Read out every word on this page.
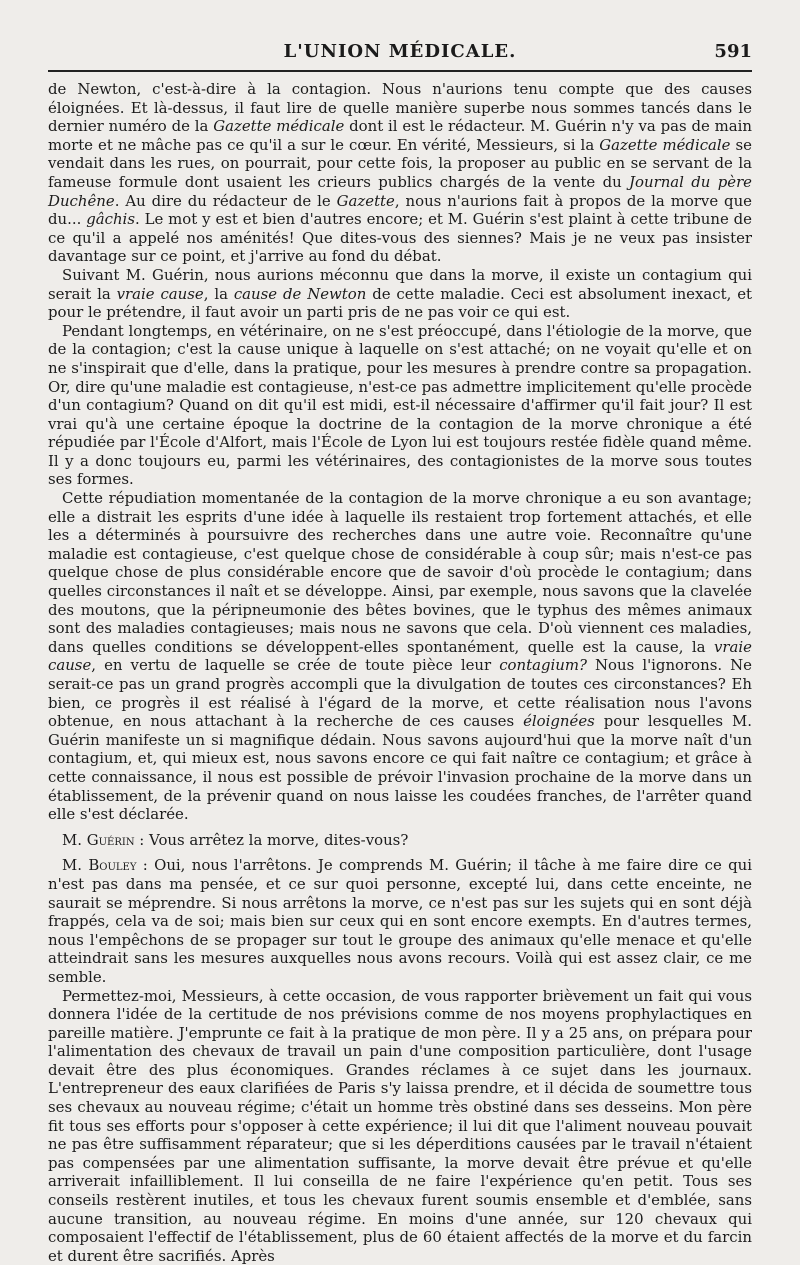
L'UNION MÉDICALE.	591

de Newton, c'est-à-dire à la contagion. Nous n'aurions tenu compte que des causes éloignées. Et là-dessus, il faut lire de quelle manière superbe nous sommes tancés dans le dernier numéro de la Gazette médicale dont il est le rédacteur. M. Guérin n'y va pas de main morte et ne mâche pas ce qu'il a sur le cœur. En vérité, Messieurs, si la Gazette médicale se vendait dans les rues, on pourrait, pour cette fois, la proposer au public en se servant de la fameuse formule dont usaient les crieurs publics chargés de la vente du Journal du père Duchêne. Au dire du rédacteur de le Gazette, nous n'aurions fait à propos de la morve que du... gâchis. Le mot y est et bien d'autres encore; et M. Guérin s'est plaint à cette tribune de ce qu'il a appelé nos aménités! Que dites-vous des siennes? Mais je ne veux pas insister davantage sur ce point, et j'arrive au fond du débat.

Suivant M. Guérin, nous aurions méconnu que dans la morve, il existe un contagium qui serait la vraie cause, la cause de Newton de cette maladie. Ceci est absolument inexact, et pour le prétendre, il faut avoir un parti pris de ne pas voir ce qui est.

Pendant longtemps, en vétérinaire, on ne s'est préoccupé, dans l'étiologie de la morve, que de la contagion; c'est la cause unique à laquelle on s'est attaché; on ne voyait qu'elle et on ne s'inspirait que d'elle, dans la pratique, pour les mesures à prendre contre sa propagation. Or, dire qu'une maladie est contagieuse, n'est-ce pas admettre implicitement qu'elle procède d'un contagium? Quand on dit qu'il est midi, est-il nécessaire d'affirmer qu'il fait jour? Il est vrai qu'à une certaine époque la doctrine de la contagion de la morve chronique a été répudiée par l'École d'Alfort, mais l'École de Lyon lui est toujours restée fidèle quand même. Il y a donc toujours eu, parmi les vétérinaires, des contagionistes de la morve sous toutes ses formes.

Cette répudiation momentanée de la contagion de la morve chronique a eu son avantage; elle a distrait les esprits d'une idée à laquelle ils restaient trop fortement attachés, et elle les a déterminés à poursuivre des recherches dans une autre voie. Reconnaître qu'une maladie est contagieuse, c'est quelque chose de considérable à coup sûr; mais n'est-ce pas quelque chose de plus considérable encore que de savoir d'où procède le contagium; dans quelles circonstances il naît et se développe. Ainsi, par exemple, nous savons que la clavelée des moutons, que la péripneumonie des bêtes bovines, que le typhus des mêmes animaux sont des maladies contagieuses; mais nous ne savons que cela. D'où viennent ces maladies, dans quelles conditions se développent-elles spontanément, quelle est la cause, la vraie cause, en vertu de laquelle se crée de toute pièce leur contagium? Nous l'ignorons. Ne serait-ce pas un grand progrès accompli que la divulgation de toutes ces circonstances? Eh bien, ce progrès il est réalisé à l'égard de la morve, et cette réalisation nous l'avons obtenue, en nous attachant à la recherche de ces causes éloignées pour lesquelles M. Guérin manifeste un si magnifique dédain. Nous savons aujourd'hui que la morve naît d'un contagium, et, qui mieux est, nous savons encore ce qui fait naître ce contagium; et grâce à cette connaissance, il nous est possible de prévoir l'invasion prochaine de la morve dans un établissement, de la prévenir quand on nous laisse les coudées franches, de l'arrêter quand elle s'est déclarée.

M. Guérin : Vous arrêtez la morve, dites-vous?

M. Bouley : Oui, nous l'arrêtons. Je comprends M. Guérin; il tâche à me faire dire ce qui n'est pas dans ma pensée, et ce sur quoi personne, excepté lui, dans cette enceinte, ne saurait se méprendre. Si nous arrêtons la morve, ce n'est pas sur les sujets qui en sont déjà frappés, cela va de soi; mais bien sur ceux qui en sont encore exempts. En d'autres termes, nous l'empêchons de se propager sur tout le groupe des animaux qu'elle menace et qu'elle atteindrait sans les mesures auxquelles nous avons recours. Voilà qui est assez clair, ce me semble.

Permettez-moi, Messieurs, à cette occasion, de vous rapporter brièvement un fait qui vous donnera l'idée de la certitude de nos prévisions comme de nos moyens prophylactiques en pareille matière. J'emprunte ce fait à la pratique de mon père. Il y a 25 ans, on prépara pour l'alimentation des chevaux de travail un pain d'une composition particulière, dont l'usage devait être des plus économiques. Grandes réclames à ce sujet dans les journaux. L'entrepreneur des eaux clarifiées de Paris s'y laissa prendre, et il décida de soumettre tous ses chevaux au nouveau régime; c'était un homme très obstiné dans ses desseins. Mon père fit tous ses efforts pour s'opposer à cette expérience; il lui dit que l'aliment nouveau pouvait ne pas être suffisamment réparateur; que si les déperditions causées par le travail n'étaient pas compensées par une alimentation suffisante, la morve devait être prévue et qu'elle arriverait infailliblement. Il lui conseilla de ne faire l'expérience qu'en petit. Tous ses conseils restèrent inutiles, et tous les chevaux furent soumis ensemble et d'emblée, sans aucune transition, au nouveau régime. En moins d'une année, sur 120 chevaux qui composaient l'effectif de l'établissement, plus de 60 étaient affectés de la morve et du farcin et durent être sacrifiés. Après
